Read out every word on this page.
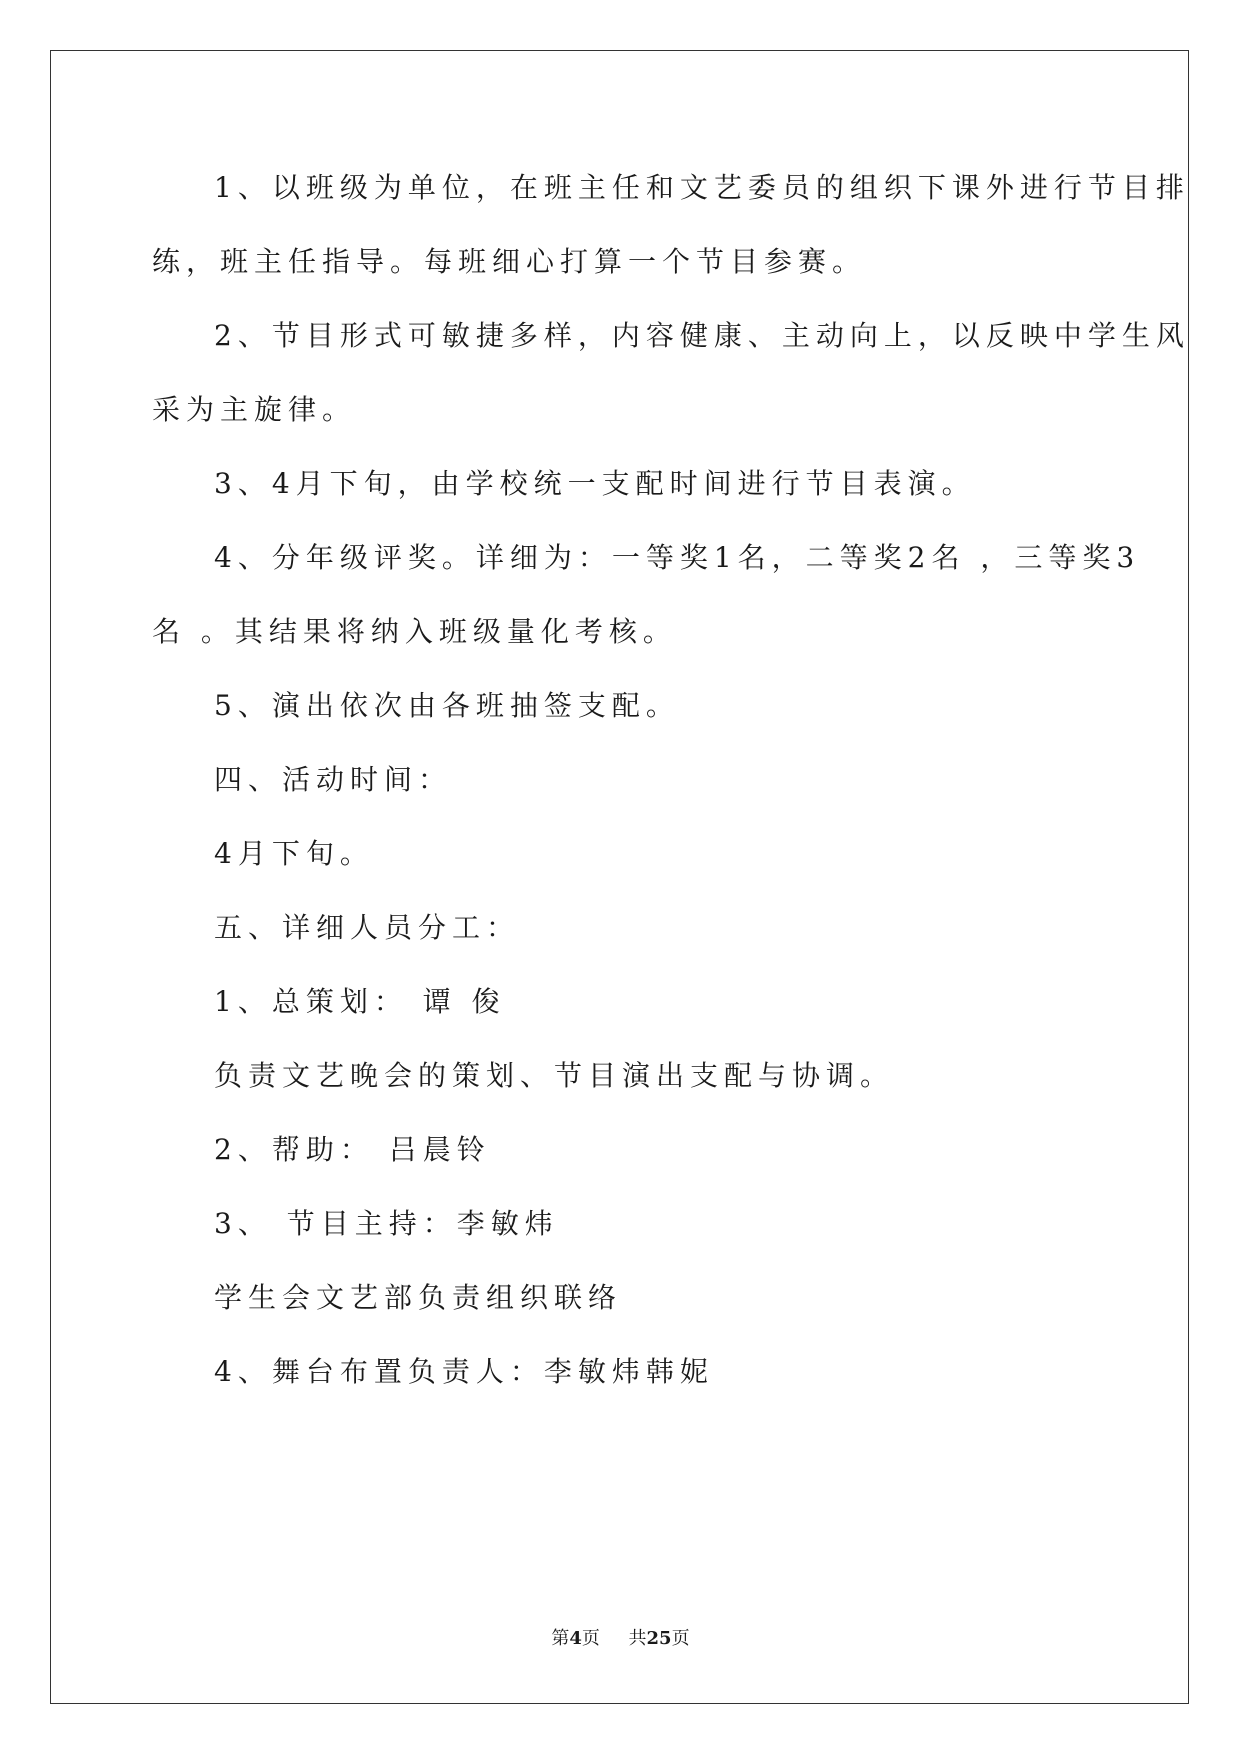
1、以班级为单位，在班主任和文艺委员的组织下课外进行节目排
练，班主任指导。每班细心打算一个节目参赛。
2、节目形式可敏捷多样，内容健康、主动向上，以反映中学生风
采为主旋律。
3、4月下旬，由学校统一支配时间进行节目表演。
4、分年级评奖。详细为：一等奖1名，二等奖2名 ，三等奖3
名 。其结果将纳入班级量化考核。
5、演出依次由各班抽签支配。
四、活动时间：
4月下旬。
五、详细人员分工：
1、总策划： 谭 俊
负责文艺晚会的策划、节目演出支配与协调。
2、帮助： 吕晨铃
3、 节目主持：李敏炜
学生会文艺部负责组织联络
4、舞台布置负责人：李敏炜韩妮
第4页 共25页
